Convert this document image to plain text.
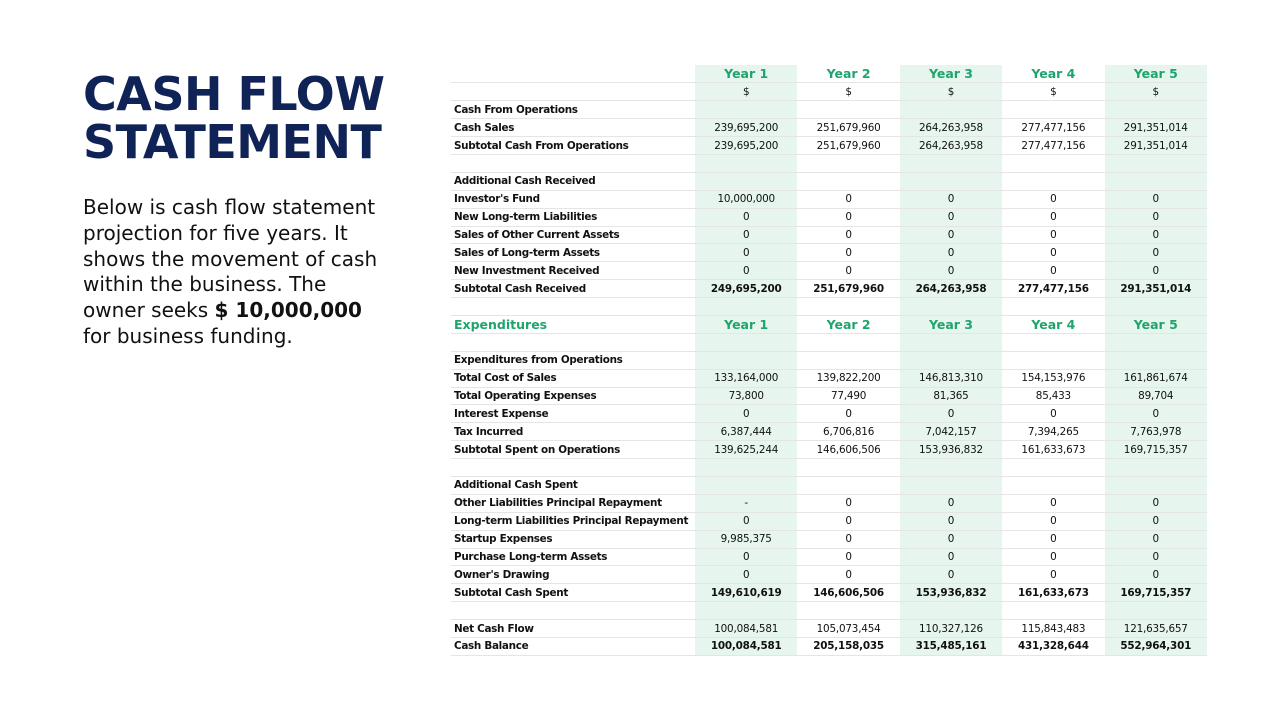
CASH FLOW
STATEMENT
Below is cash flow statement projection for five years. It shows the movement of cash within the business. The owner seeks $ 10,000,000 for business funding.
	Year 1	Year 2	Year 3	Year 4	Year 5
	$	$	$	$	$
Cash From Operations					
Cash Sales	239,695,200	251,679,960	264,263,958	277,477,156	291,351,014
Subtotal Cash From Operations	239,695,200	251,679,960	264,263,958	277,477,156	291,351,014

Additional Cash Received					
Investor's Fund	10,000,000	0	0	0	0
New Long-term Liabilities	0	0	0	0	0
Sales of Other Current Assets	0	0	0	0	0
Sales of Long-term Assets	0	0	0	0	0
New Investment Received	0	0	0	0	0
Subtotal Cash Received	249,695,200	251,679,960	264,263,958	277,477,156	291,351,014

Expenditures	Year 1	Year 2	Year 3	Year 4	Year 5

Expenditures from Operations					
Total Cost of Sales	133,164,000	139,822,200	146,813,310	154,153,976	161,861,674
Total Operating Expenses	73,800	77,490	81,365	85,433	89,704
Interest Expense	0	0	0	0	0
Tax Incurred	6,387,444	6,706,816	7,042,157	7,394,265	7,763,978
Subtotal Spent on Operations	139,625,244	146,606,506	153,936,832	161,633,673	169,715,357

Additional Cash Spent					
Other Liabilities Principal Repayment	-	0	0	0	0
Long-term Liabilities Principal Repayment	0	0	0	0	0
Startup Expenses	9,985,375	0	0	0	0
Purchase Long-term Assets	0	0	0	0	0
Owner's Drawing	0	0	0	0	0
Subtotal Cash Spent	149,610,619	146,606,506	153,936,832	161,633,673	169,715,357

Net Cash Flow	100,084,581	105,073,454	110,327,126	115,843,483	121,635,657
Cash Balance	100,084,581	205,158,035	315,485,161	431,328,644	552,964,301
